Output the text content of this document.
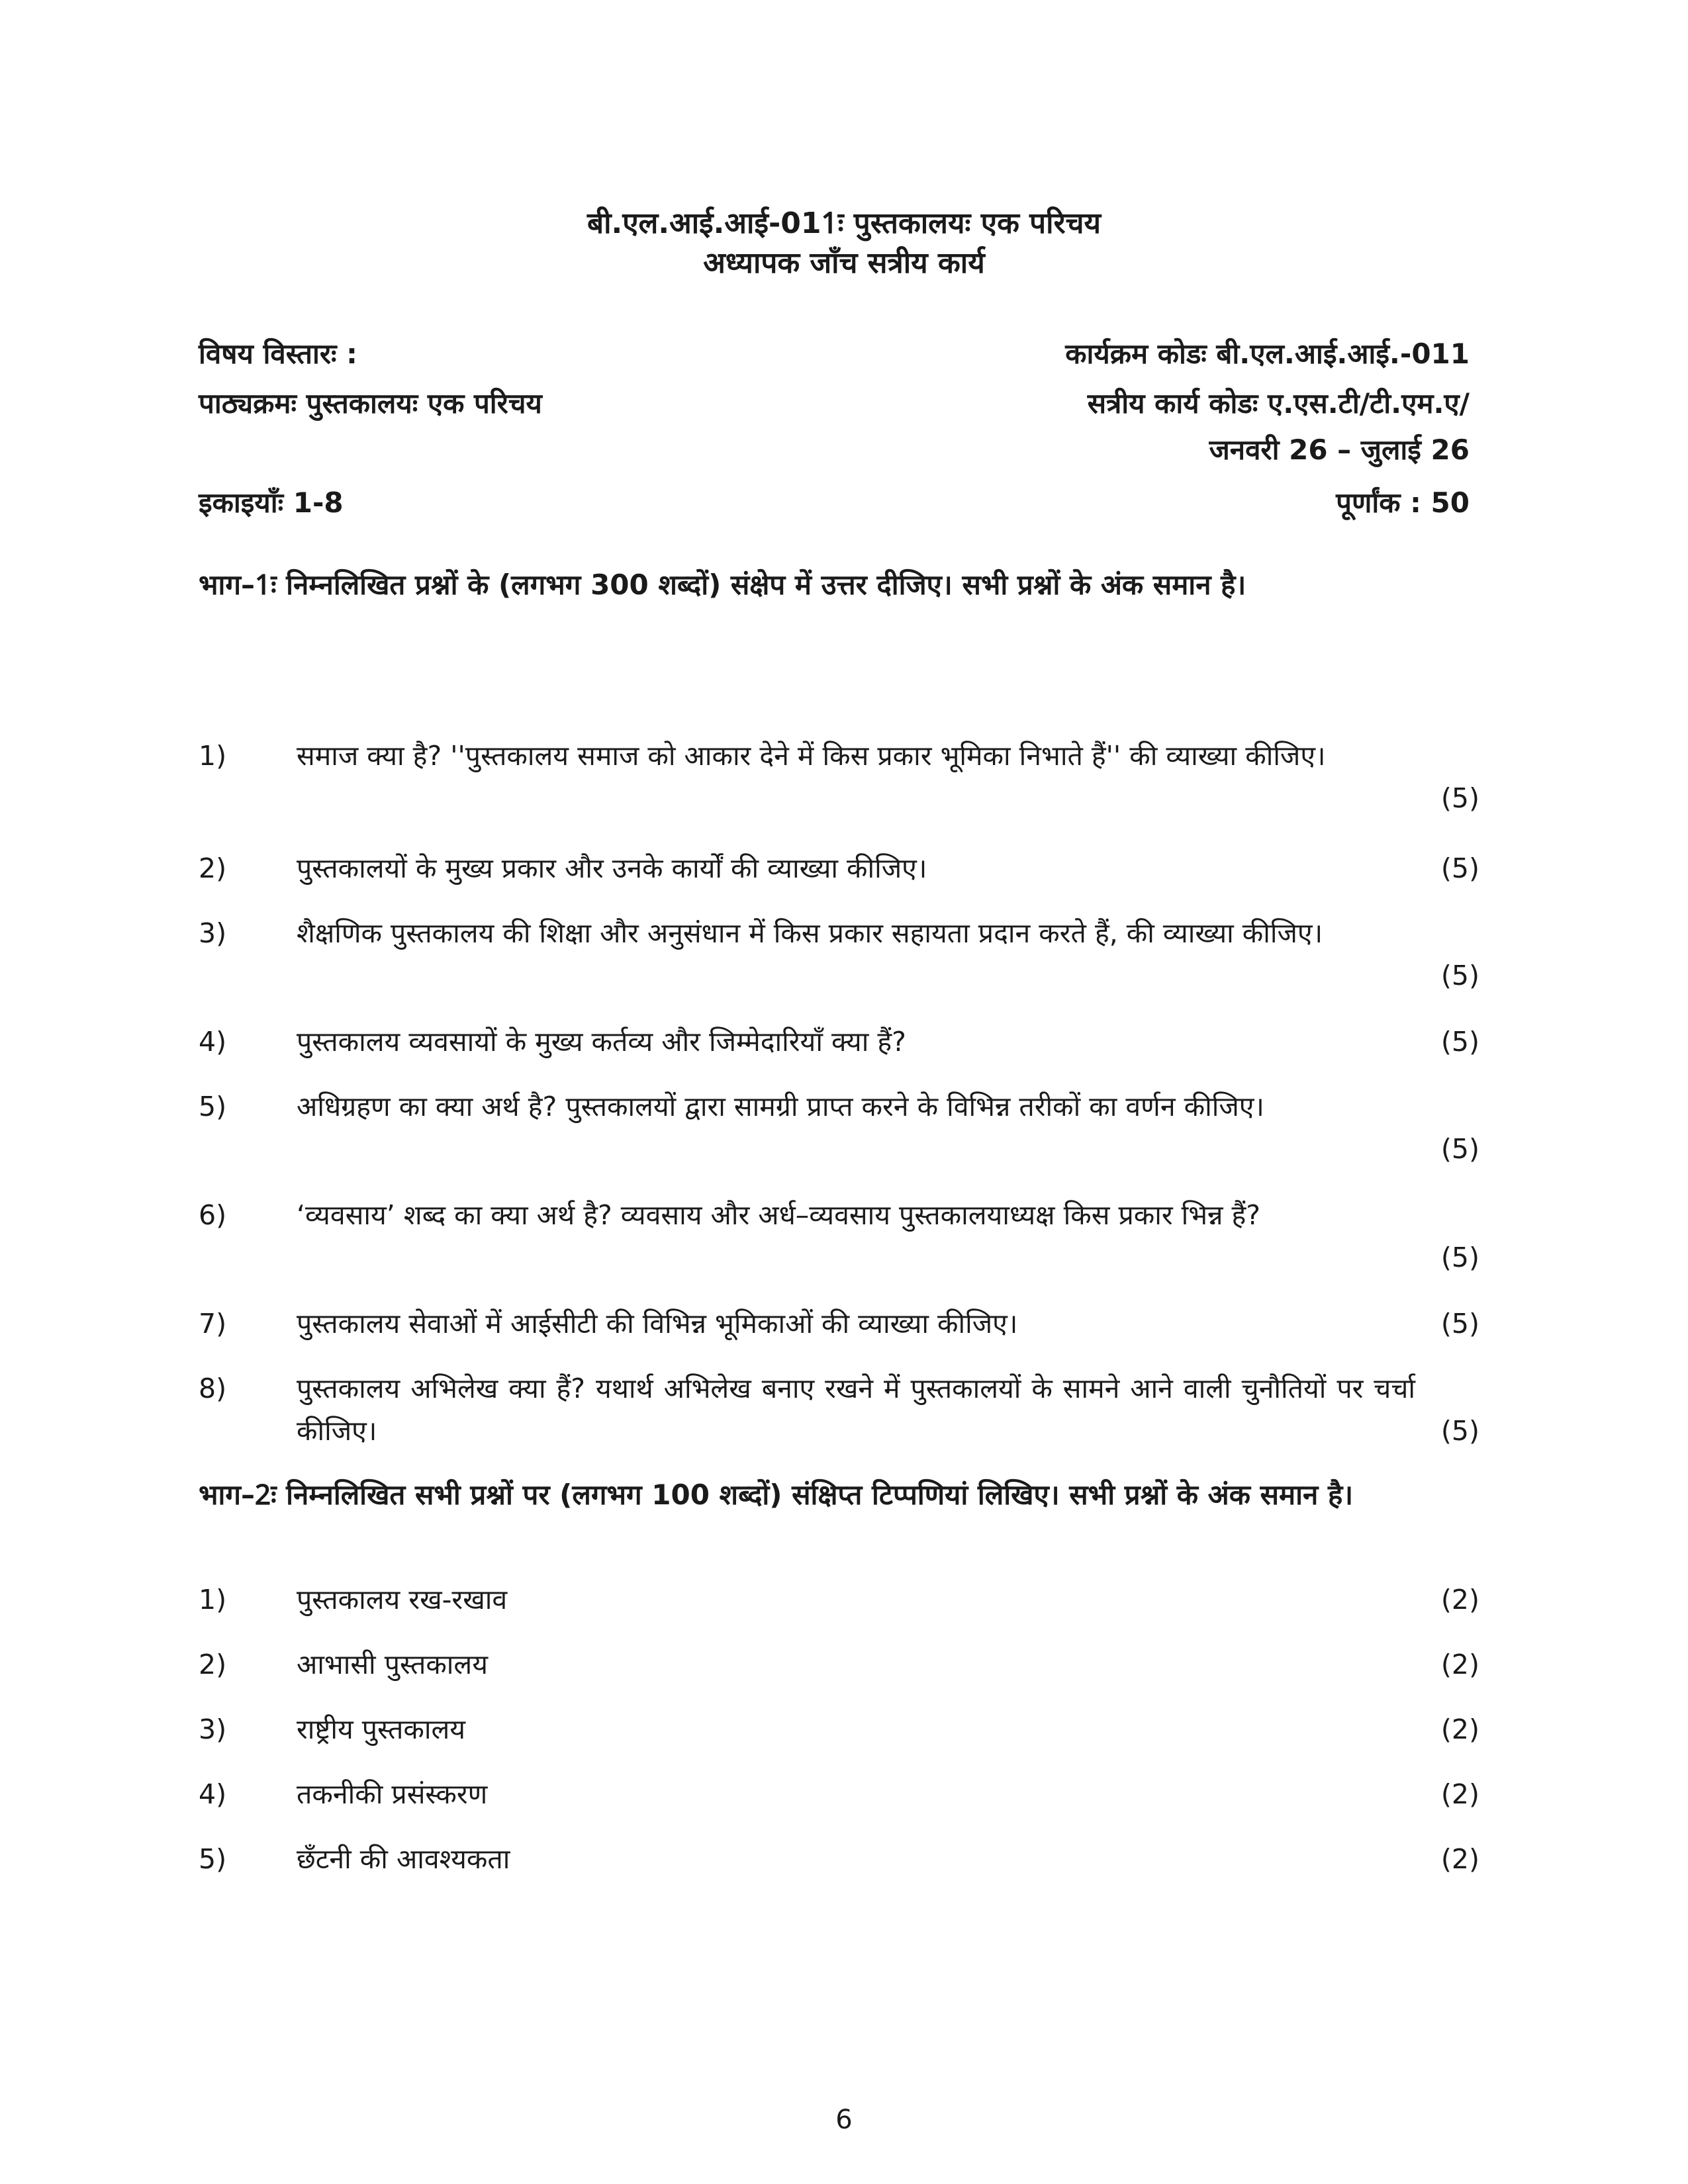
बी.एल.आई.आई-011ः पुस्तकालयः एक परिचय
अध्यापक जाँच सत्रीय कार्य
विषय विस्तारः :	कार्यक्रम कोडः बी.एल.आई.आई.-011
पाठ्यक्रमः पुस्तकालयः एक परिचय	सत्रीय कार्य कोडः ए.एस.टी/टी.एम.ए/
जनवरी 26 – जुलाई 26
इकाइयाँः 1-8	पूर्णांक : 50
भाग–1ः निम्नलिखित प्रश्नों के (लगभग 300 शब्दों) संक्षेप में उत्तर दीजिए। सभी प्रश्नों के अंक समान है।
1)	समाज क्या है? ''पुस्तकालय समाज को आकार देने में किस प्रकार भूमिका निभाते हैं'' की व्याख्या कीजिए।
(5)
2)	पुस्तकालयों के मुख्य प्रकार और उनके कार्यों की व्याख्या कीजिए।	(5)
3)	शैक्षणिक पुस्तकालय की शिक्षा और अनुसंधान में किस प्रकार सहायता प्रदान करते हैं, की व्याख्या कीजिए।
(5)
4)	पुस्तकालय व्यवसायों के मुख्य कर्तव्य और जिम्मेदारियाँ क्या हैं?	(5)
5)	अधिग्रहण का क्या अर्थ है? पुस्तकालयों द्वारा सामग्री प्राप्त करने के विभिन्न तरीकों का वर्णन कीजिए।
(5)
6)	‘व्यवसाय’ शब्द का क्या अर्थ है? व्यवसाय और अर्ध–व्यवसाय पुस्तकालयाध्यक्ष किस प्रकार भिन्न हैं?
(5)
7)	पुस्तकालय सेवाओं में आईसीटी की विभिन्न भूमिकाओं की व्याख्या कीजिए।	(5)
8)	पुस्तकालय अभिलेख क्या हैं? यथार्थ अभिलेख बनाए रखने में पुस्तकालयों के सामने आने वाली चुनौतियों पर चर्चा कीजिए।	(5)
भाग–2ः निम्नलिखित सभी प्रश्नों पर (लगभग 100 शब्दों) संक्षिप्त टिप्पणियां लिखिए। सभी प्रश्नों के अंक समान है।
1)	पुस्तकालय रख-रखाव	(2)
2)	आभासी पुस्तकालय	(2)
3)	राष्ट्रीय पुस्तकालय	(2)
4)	तकनीकी प्रसंस्करण	(2)
5)	छँटनी की आवश्यकता	(2)
6
